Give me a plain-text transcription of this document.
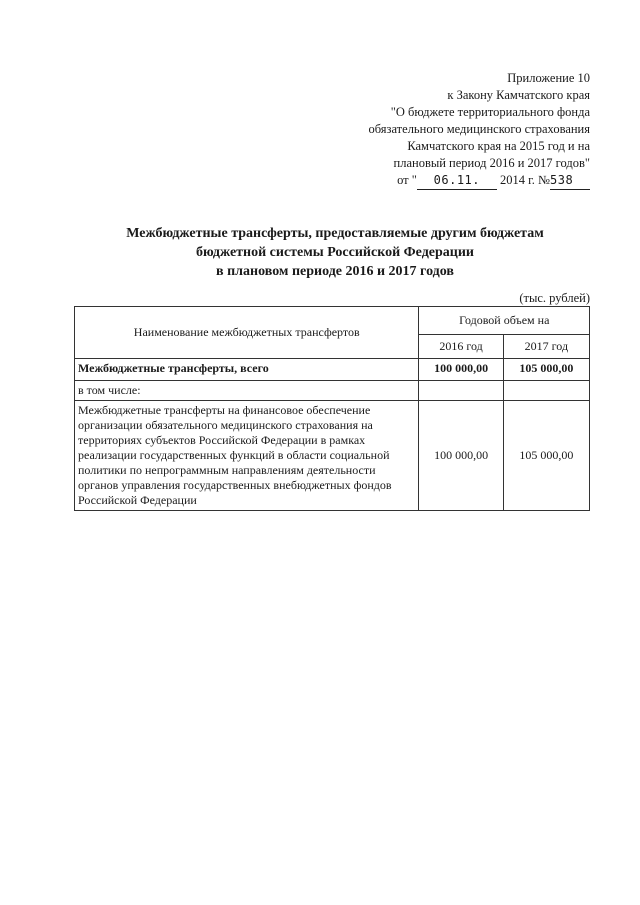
Приложение 10
к Закону Камчатского края
"О бюджете территориального фонда
обязательного медицинского страхования
Камчатского края на 2015 год и на
плановый период 2016 и 2017 годов"
от " 06.11. 2014 г. №538
Межбюджетные трансферты, предоставляемые другим бюджетам
бюджетной системы Российской Федерации
в плановом периоде 2016 и 2017 годов
(тыс. рублей)
Наименование межбюджетных трансфертов	Годовой объем на	
	2016 год	2017 год
Межбюджетные трансферты, всего	100 000,00	105 000,00
в том числе:		
Межбюджетные трансферты на финансовое обеспечение организации обязательного медицинского страхования на территориях субъектов Российской Федерации в рамках реализации государственных функций в области социальной политики по непрограммным направлениям деятельности органов управления государственных внебюджетных фондов Российской Федерации	100 000,00	105 000,00
